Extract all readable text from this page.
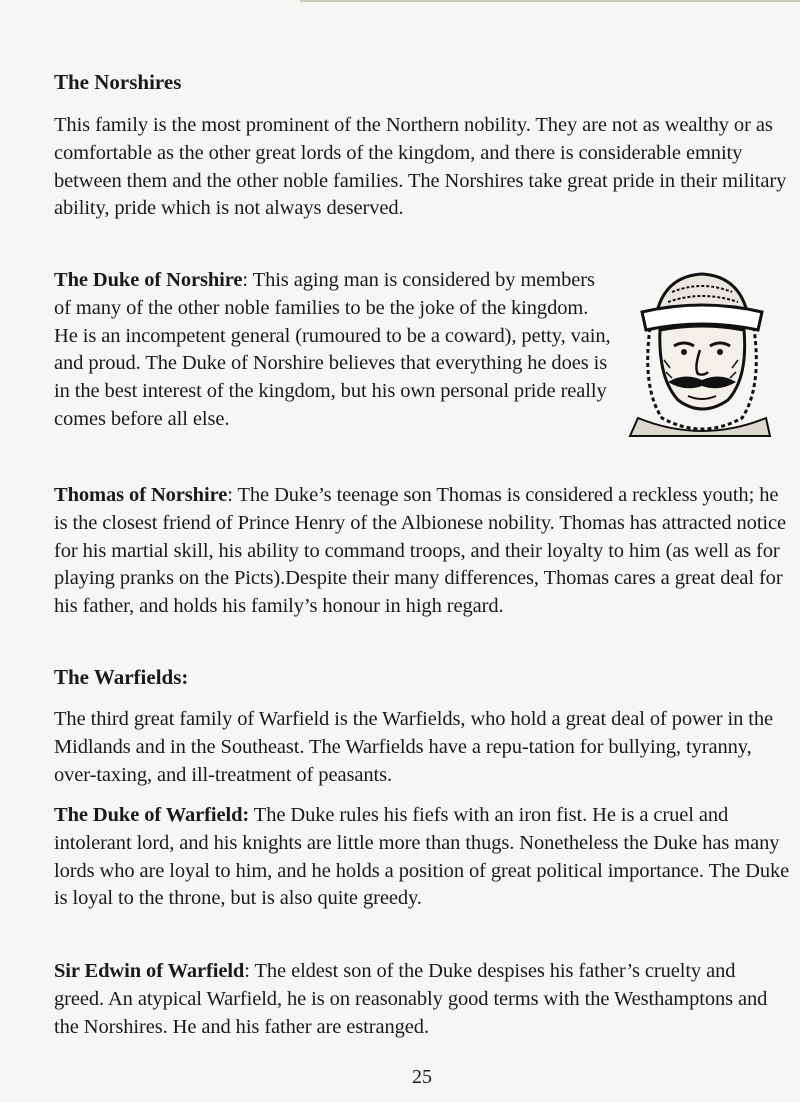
The Norshires

This family is the most prominent of the Northern nobility. They are not as wealthy or as comfortable as the other great lords of the kingdom, and there is considerable emnity between them and the other noble families. The Norshires take great pride in their military ability, pride which is not always deserved.

The Duke of Norshire: This aging man is considered by members of many of the other noble families to be the joke of the kingdom. He is an incompetent general (rumoured to be a coward), petty, vain, and proud. The Duke of Norshire believes that everything he does is in the best interest of the kingdom, but his own personal pride really comes before all else.

Thomas of Norshire: The Duke’s teenage son Thomas is considered a reckless youth; he is the closest friend of Prince Henry of the Albionese nobility. Thomas has attracted notice for his martial skill, his ability to command troops, and their loyalty to him (as well as for playing pranks on the Picts).Despite their many differences, Thomas cares a great deal for his father, and holds his family’s honour in high regard.

The Warfields:

The third great family of Warfield is the Warfields, who hold a great deal of power in the Midlands and in the Southeast. The Warfields have a repu-tation for bullying, tyranny, over-taxing, and ill-treatment of peasants.

The Duke of Warfield: The Duke rules his fiefs with an iron fist. He is a cruel and intolerant lord, and his knights are little more than thugs. Nonetheless the Duke has many lords who are loyal to him, and he holds a position of great political importance. The Duke is loyal to the throne, but is also quite greedy.

Sir Edwin of Warfield: The eldest son of the Duke despises his father’s cruelty and greed. An atypical Warfield, he is on reasonably good terms with the Westhamptons and the Norshires. He and his father are estranged.

25
